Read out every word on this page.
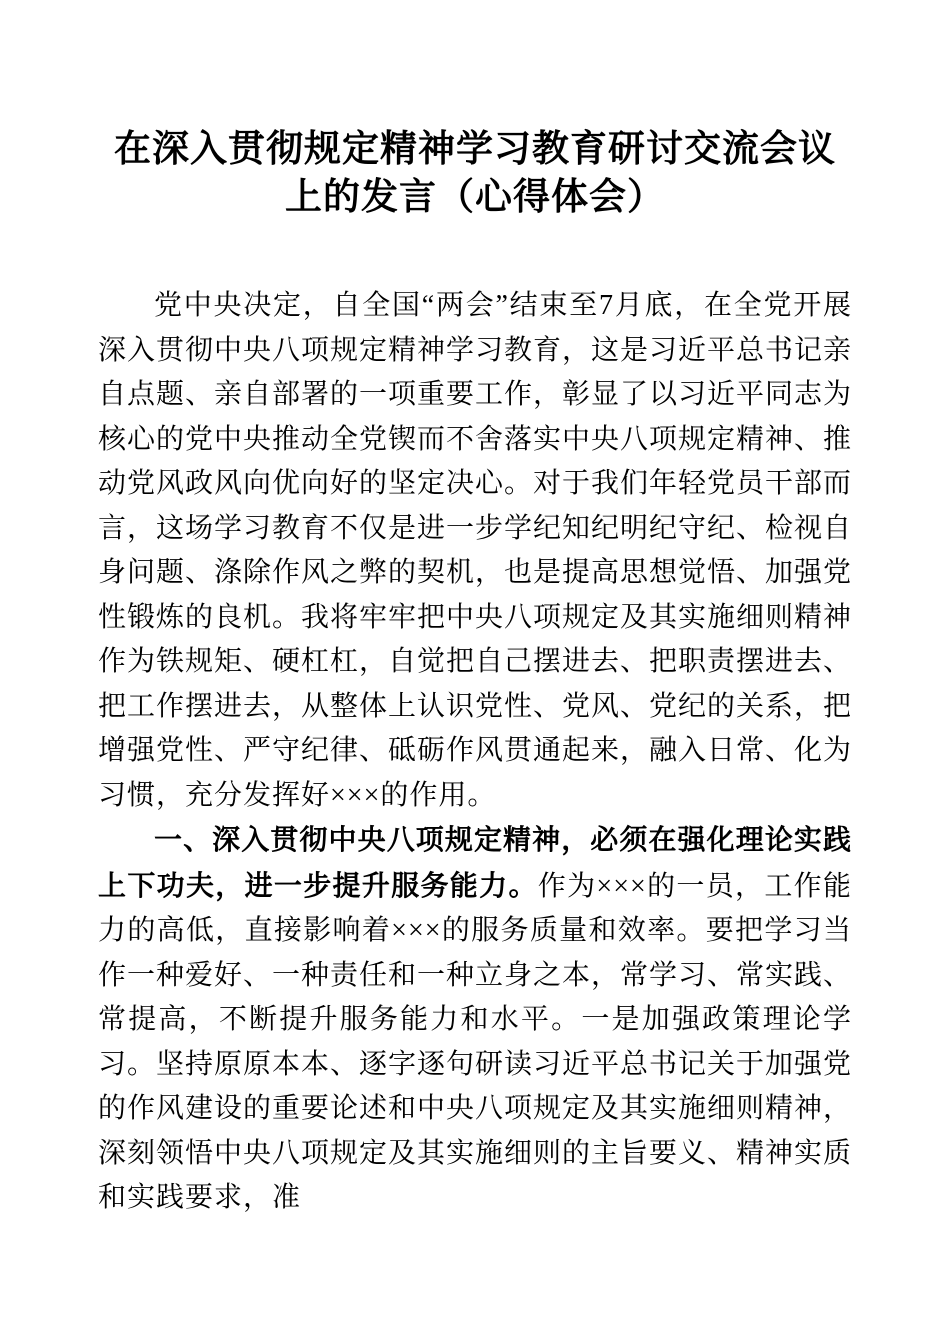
在深入贯彻规定精神学习教育研讨交流会议上的发言（心得体会）

党中央决定，自全国“两会”结束至7月底，在全党开展深入贯彻中央八项规定精神学习教育，这是习近平总书记亲自点题、亲自部署的一项重要工作，彰显了以习近平同志为核心的党中央推动全党锲而不舍落实中央八项规定精神、推动党风政风向优向好的坚定决心。对于我们年轻党员干部而言，这场学习教育不仅是进一步学纪知纪明纪守纪、检视自身问题、涤除作风之弊的契机，也是提高思想觉悟、加强党性锻炼的良机。我将牢牢把中央八项规定及其实施细则精神作为铁规矩、硬杠杠，自觉把自己摆进去、把职责摆进去、把工作摆进去，从整体上认识党性、党风、党纪的关系，把增强党性、严守纪律、砥砺作风贯通起来，融入日常、化为习惯，充分发挥好×××的作用。

一、深入贯彻中央八项规定精神，必须在强化理论实践上下功夫，进一步提升服务能力。作为×××的一员，工作能力的高低，直接影响着×××的服务质量和效率。要把学习当作一种爱好、一种责任和一种立身之本，常学习、常实践、常提高，不断提升服务能力和水平。一是加强政策理论学习。坚持原原本本、逐字逐句研读习近平总书记关于加强党的作风建设的重要论述和中央八项规定及其实施细则精神，深刻领悟中央八项规定及其实施细则的主旨要义、精神实质和实践要求，准
